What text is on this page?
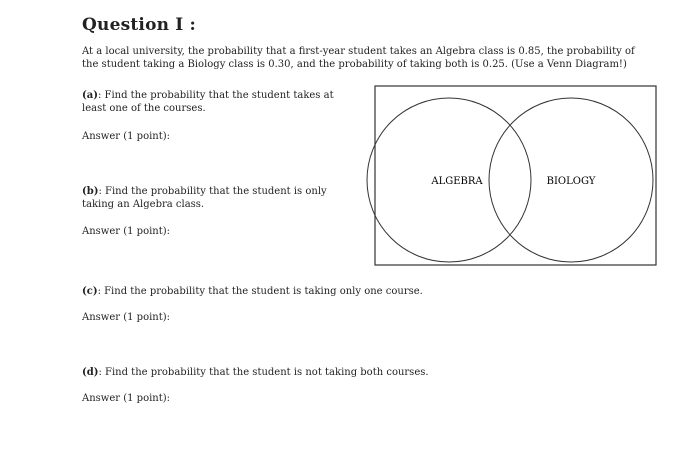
Question I :
At a local university, the probability that a first-year student takes an Algebra class is 0.85, the probability of
the student taking a Biology class is 0.30, and the probability of taking both is 0.25. (Use a Venn Diagram!)
(a): Find the probability that the student takes at
least one of the courses.
Answer (1 point):
(b): Find the probability that the student is only
taking an Algebra class.
Answer (1 point):
(c): Find the probability that the student is taking only one course.
Answer (1 point):
(d): Find the probability that the student is not taking both courses.
Answer (1 point):
ALGEBRA	BIOLOGY
